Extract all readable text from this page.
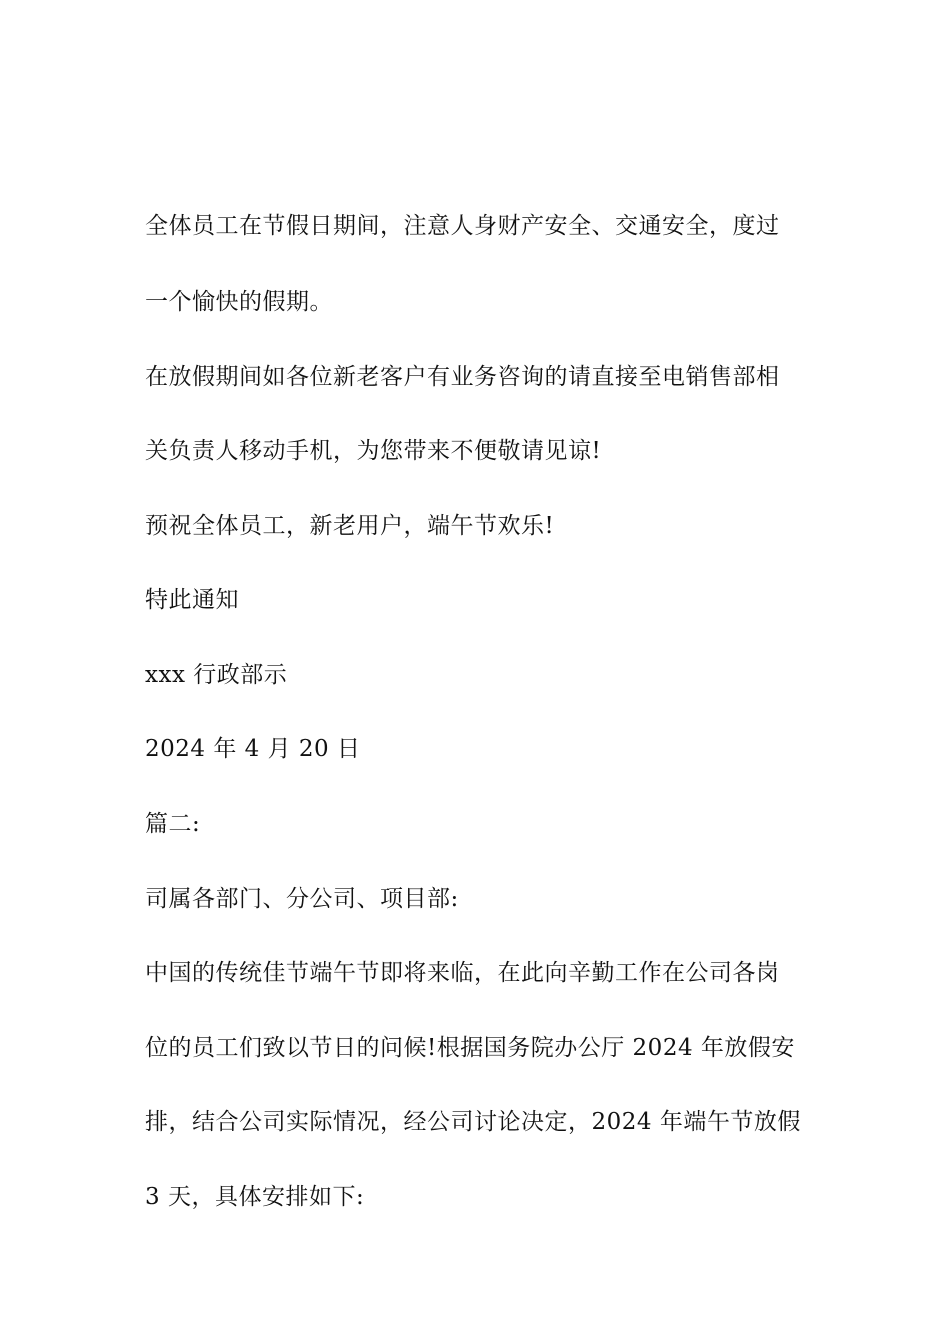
全体员工在节假日期间，注意人身财产安全、交通安全，度过
一个愉快的假期。
在放假期间如各位新老客户有业务咨询的请直接至电销售部相
关负责人移动手机，为您带来不便敬请见谅!
预祝全体员工，新老用户，端午节欢乐!
特此通知
xxx 行政部示
2024 年 4 月 20 日
篇二:
司属各部门、分公司、项目部:
中国的传统佳节端午节即将来临，在此向辛勤工作在公司各岗
位的员工们致以节日的问候!根据国务院办公厅 2024 年放假安
排，结合公司实际情况，经公司讨论决定，2024 年端午节放假
3 天，具体安排如下:
